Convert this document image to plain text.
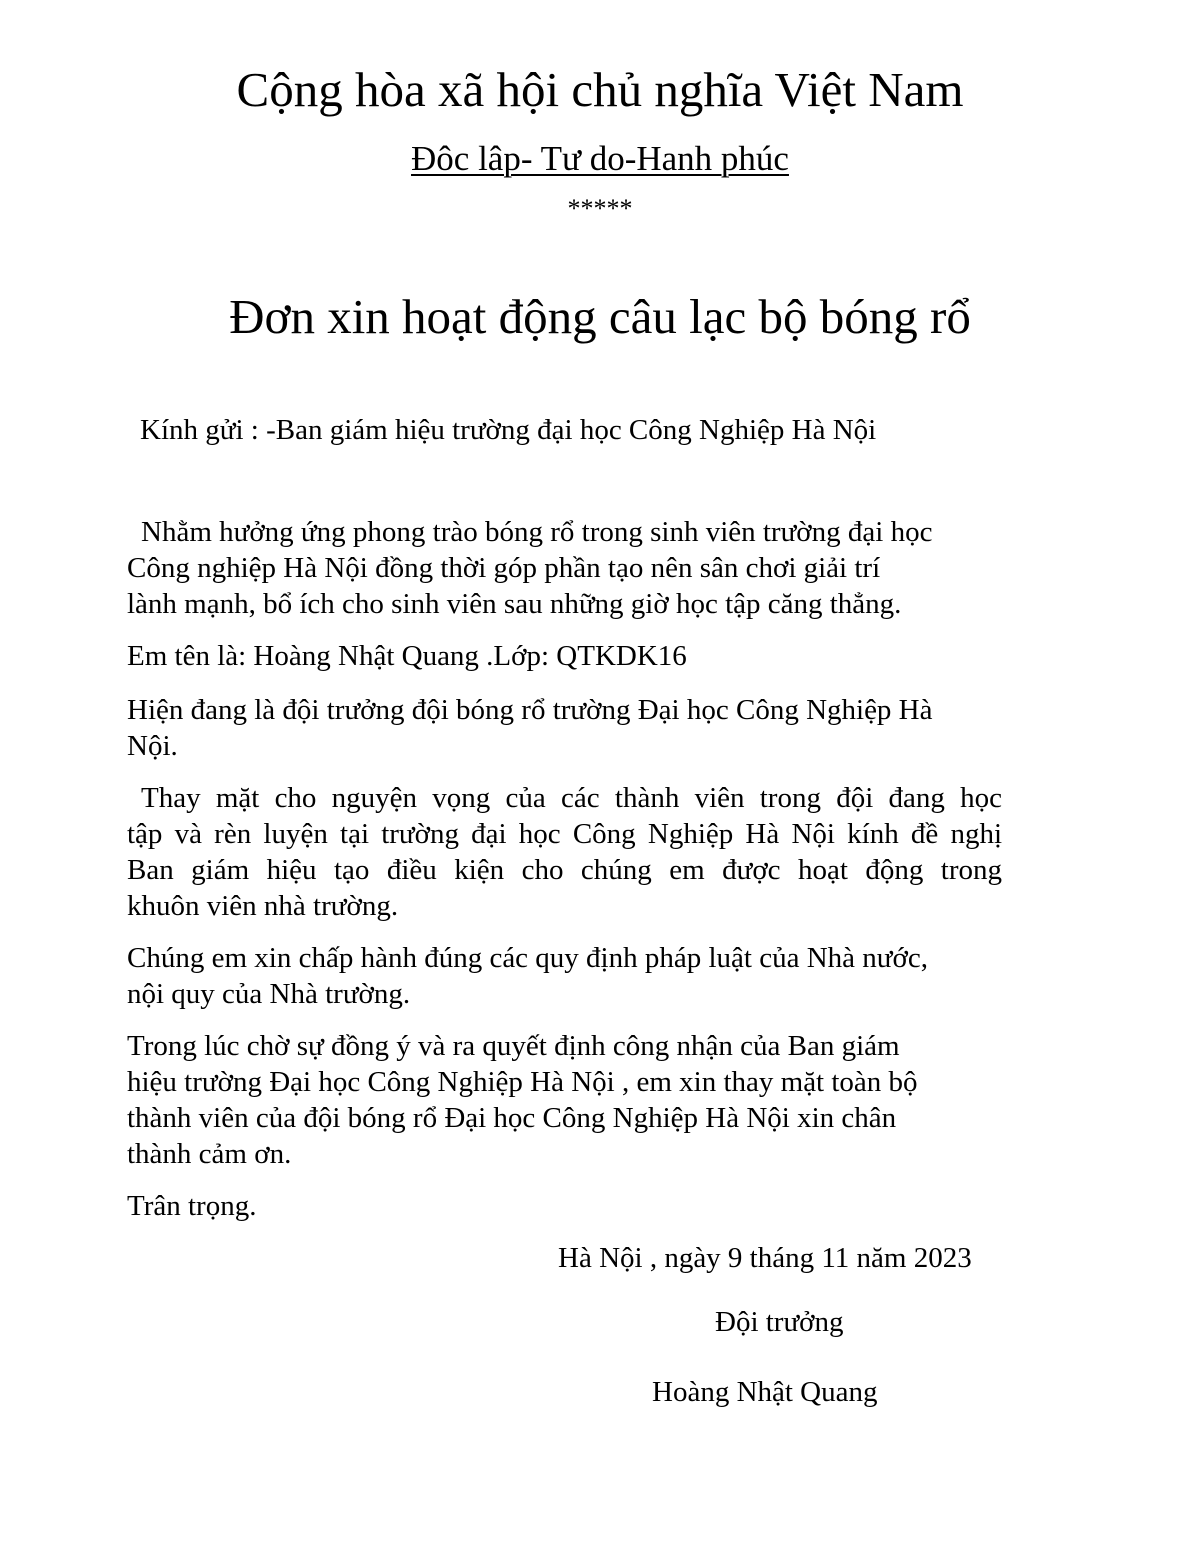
Cộng hòa xã hội chủ nghĩa Việt Nam
Đôc lâp- Tư do-Hanh phúc
*****
Đơn xin hoạt động câu lạc bộ bóng rổ
Kính gửi : -Ban giám hiệu trường đại học Công Nghiệp Hà Nội
Nhằm hưởng ứng phong trào bóng rổ trong sinh viên trường đại học
Công nghiệp Hà Nội đồng thời góp phần tạo nên sân chơi giải trí
lành mạnh, bổ ích cho sinh viên sau những giờ học tập căng thẳng.
Em tên là: Hoàng Nhật Quang .Lớp: QTKDK16
Hiện đang là đội trưởng đội bóng rổ trường Đại học Công Nghiệp Hà
Nội.
Thay mặt cho nguyện vọng của các thành viên trong đội đang học
tập và rèn luyện tại trường đại học Công Nghiệp Hà Nội kính đề nghị
Ban giám hiệu tạo điều kiện cho chúng em được hoạt động trong
khuôn viên nhà trường.
Chúng em xin chấp hành đúng các quy định pháp luật của Nhà nước,
nội quy của Nhà trường.
Trong lúc chờ sự đồng ý và ra quyết định công nhận của Ban giám
hiệu trường Đại học Công Nghiệp Hà Nội , em xin thay mặt toàn bộ
thành viên của đội bóng rổ Đại học Công Nghiệp Hà Nội xin chân
thành cảm ơn.
Trân trọng.
Hà Nội , ngày 9 tháng 11 năm 2023
Đội trưởng
Hoàng Nhật Quang
